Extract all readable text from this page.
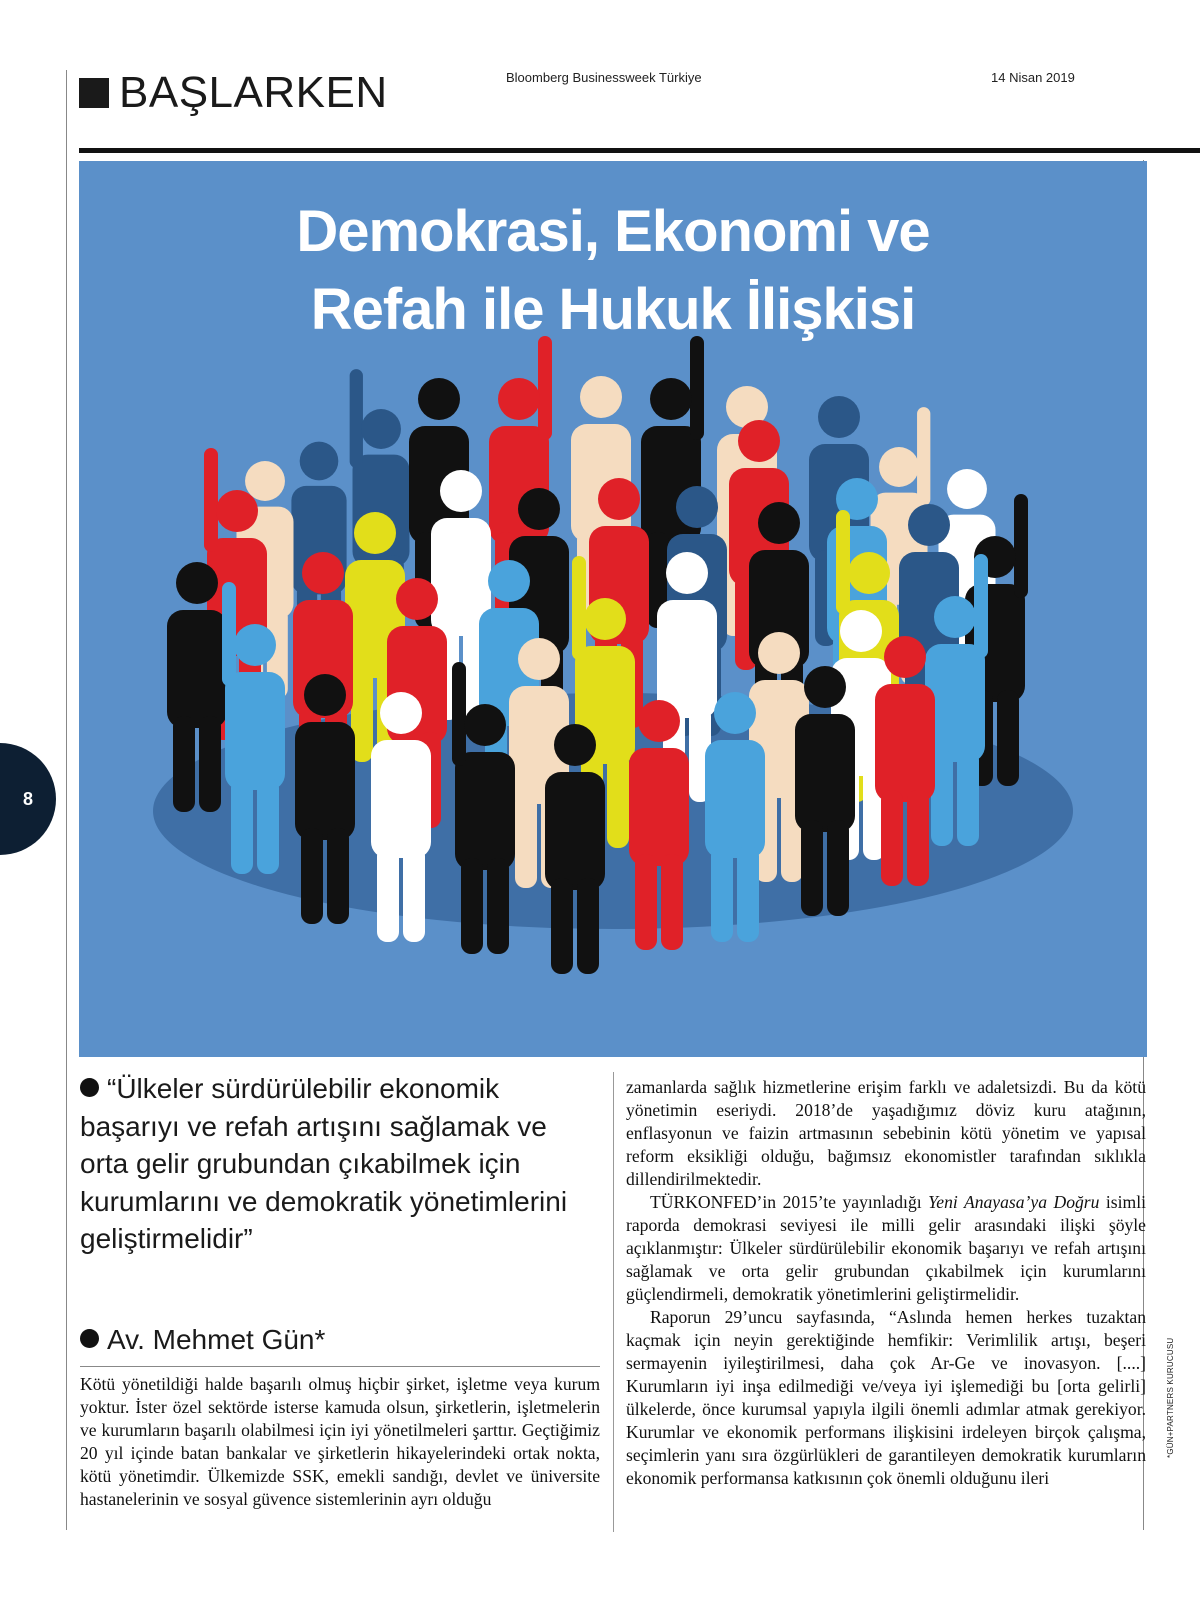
BAŞLARKEN	Bloomberg Businessweek Türkiye	14 Nisan 2019
Demokrasi, Ekonomi ve
Refah ile Hukuk İlişkisi
8
“Ülkeler sürdürülebilir ekonomik başarıyı ve refah artışını sağlamak ve orta gelir grubundan çıkabilmek için kurumlarını ve demokratik yönetimlerini geliştirmelidir”
Av. Mehmet Gün*

Kötü yönetildiği halde başarılı olmuş hiçbir şirket, işletme veya kurum yoktur. İster özel sektörde isterse kamuda olsun, şirketlerin, işletmelerin ve kurumların başarılı olabilmesi için iyi yönetilmeleri şarttır. Geçtiğimiz 20 yıl içinde batan bankalar ve şirketlerin hikayelerindeki ortak nokta, kötü yönetimdir. Ülkemizde SSK, emekli sandığı, devlet ve üniversite hastanelerinin ve sosyal güvence sistemlerinin ayrı olduğu

zamanlarda sağlık hizmetlerine erişim farklı ve adaletsizdi. Bu da kötü yönetimin eseriydi. 2018’de yaşadığımız döviz kuru atağının, enflasyonun ve faizin artmasının sebebinin kötü yönetim ve yapısal reform eksikliği olduğu, bağımsız ekonomistler tarafından sıklıkla dillendirilmektedir.

TÜRKONFED’in 2015’te yayınladığı Yeni Anayasa’ya Doğru isimli raporda demokrasi seviyesi ile milli gelir arasındaki ilişki şöyle açıklanmıştır: Ülkeler sürdürülebilir ekonomik başarıyı ve refah artışını sağlamak ve orta gelir grubundan çıkabilmek için kurumlarını güçlendirmeli, demokratik yönetimlerini geliştirmelidir.

Raporun 29’uncu sayfasında, “Aslında hemen herkes tuzaktan kaçmak için neyin gerektiğinde hemfikir: Verimlilik artışı, beşeri sermayenin iyileştirilmesi, daha çok Ar-Ge ve inovasyon. [....] Kurumların iyi inşa edilmediği ve/veya iyi işlemediği bu [orta gelirli] ülkelerde, önce kurumsal yapıyla ilgili önemli adımlar atmak gerekiyor. Kurumlar ve ekonomik performans ilişkisini irdeleyen birçok çalışma, seçimlerin yanı sıra özgürlükleri de garantileyen demokratik kurumların ekonomik performansa katkısının çok önemli olduğunu ileri

*GÜN+PARTNERS KURUCUSU
